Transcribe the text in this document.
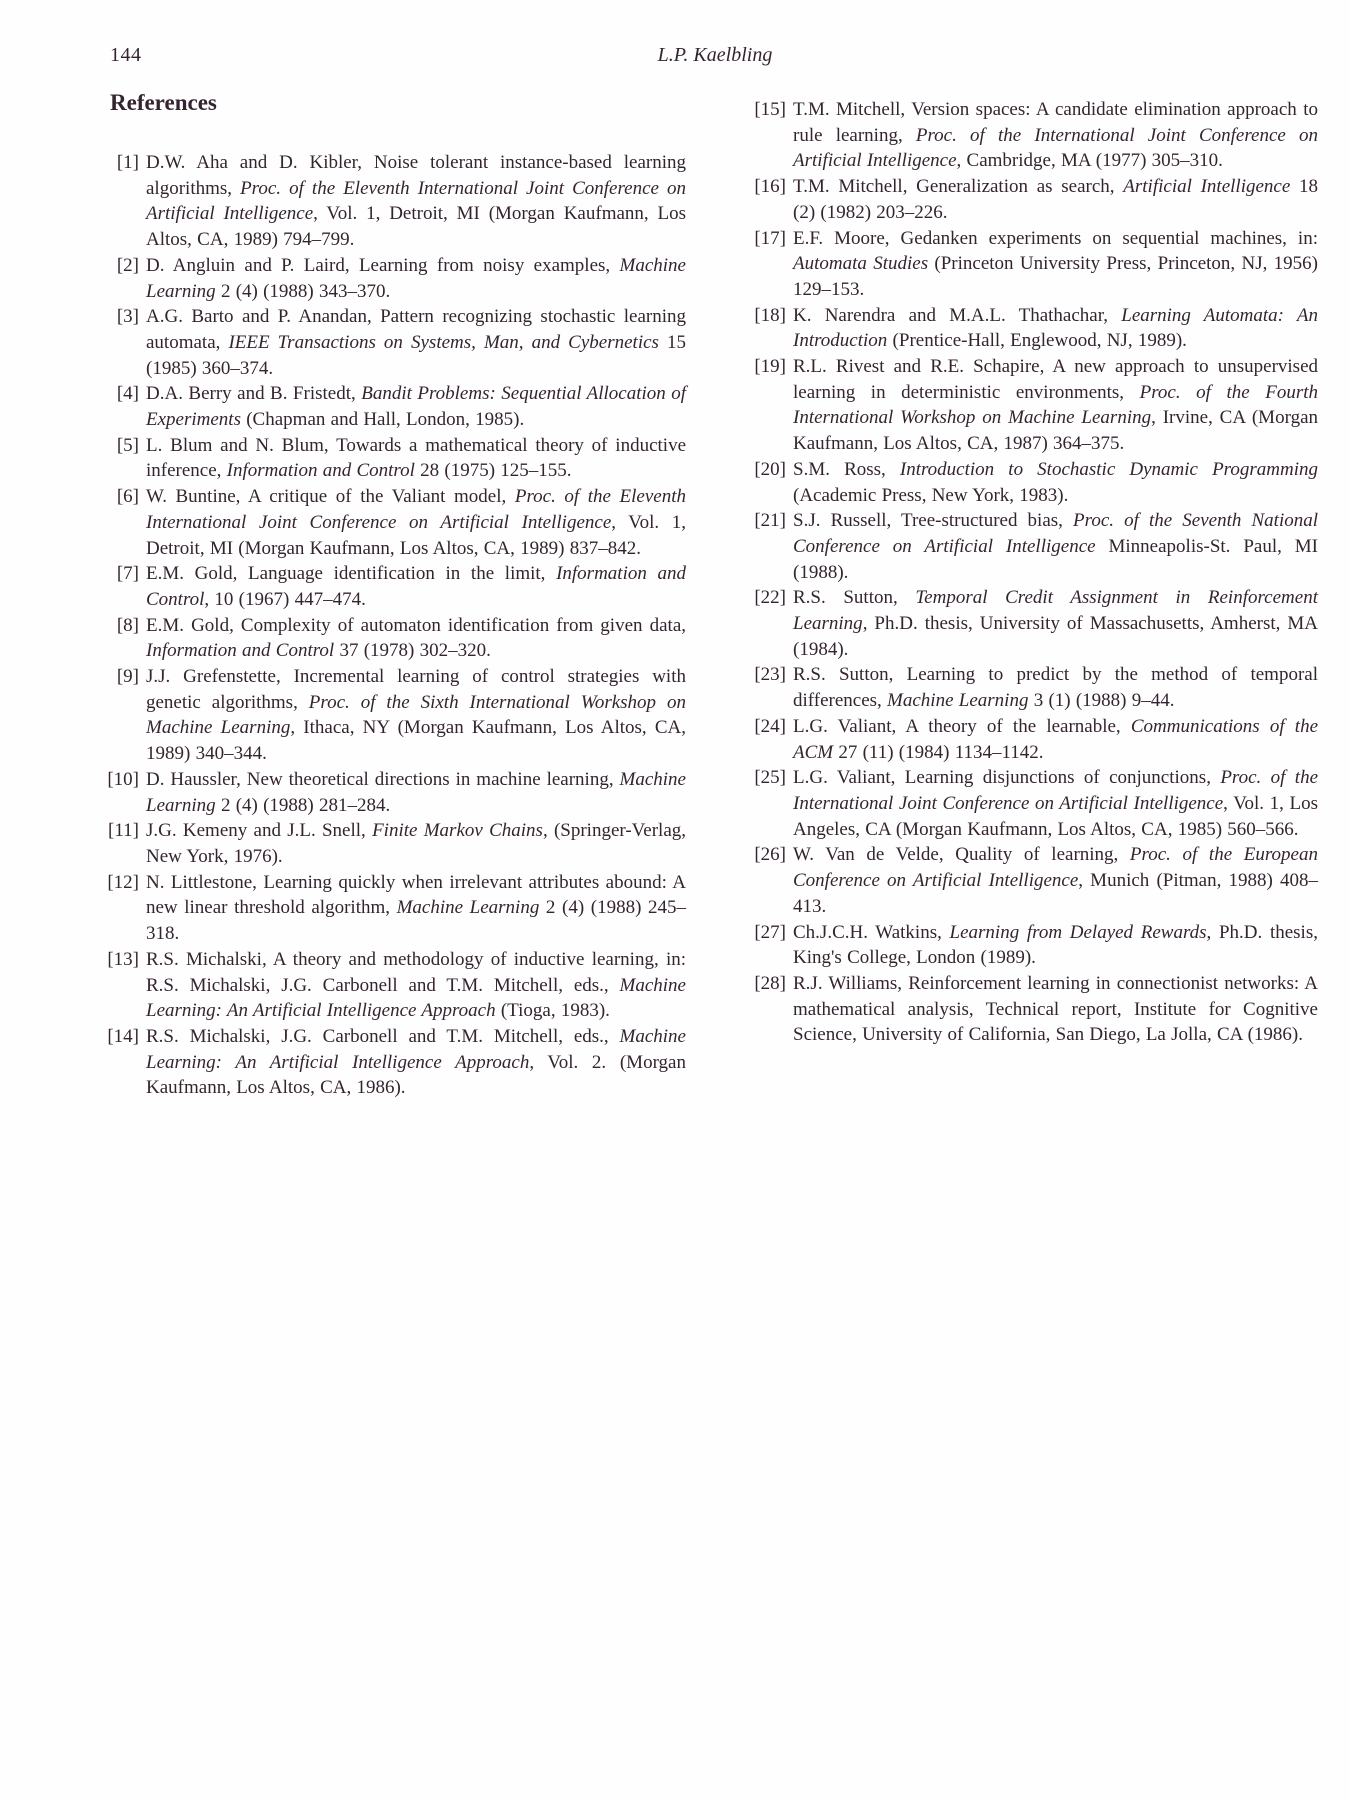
144	L.P. Kaelbling
References
[1] D.W. Aha and D. Kibler, Noise tolerant instance-based learning algorithms, Proc. of the Eleventh International Joint Conference on Artificial Intelligence, Vol. 1, Detroit, MI (Morgan Kaufmann, Los Altos, CA, 1989) 794–799.
[2] D. Angluin and P. Laird, Learning from noisy examples, Machine Learning 2 (4) (1988) 343–370.
[3] A.G. Barto and P. Anandan, Pattern recognizing stochastic learning automata, IEEE Transactions on Systems, Man, and Cybernetics 15 (1985) 360–374.
[4] D.A. Berry and B. Fristedt, Bandit Problems: Sequential Allocation of Experiments (Chapman and Hall, London, 1985).
[5] L. Blum and N. Blum, Towards a mathematical theory of inductive inference, Information and Control 28 (1975) 125–155.
[6] W. Buntine, A critique of the Valiant model, Proc. of the Eleventh International Joint Conference on Artificial Intelligence, Vol. 1, Detroit, MI (Morgan Kaufmann, Los Altos, CA, 1989) 837–842.
[7] E.M. Gold, Language identification in the limit, Information and Control, 10 (1967) 447–474.
[8] E.M. Gold, Complexity of automaton identification from given data, Information and Control 37 (1978) 302–320.
[9] J.J. Grefenstette, Incremental learning of control strategies with genetic algorithms, Proc. of the Sixth International Workshop on Machine Learning, Ithaca, NY (Morgan Kaufmann, Los Altos, CA, 1989) 340–344.
[10] D. Haussler, New theoretical directions in machine learning, Machine Learning 2 (4) (1988) 281–284.
[11] J.G. Kemeny and J.L. Snell, Finite Markov Chains, (Springer-Verlag, New York, 1976).
[12] N. Littlestone, Learning quickly when irrelevant attributes abound: A new linear threshold algorithm, Machine Learning 2 (4) (1988) 245–318.
[13] R.S. Michalski, A theory and methodology of inductive learning, in: R.S. Michalski, J.G. Carbonell and T.M. Mitchell, eds., Machine Learning: An Artificial Intelligence Approach (Tioga, 1983).
[14] R.S. Michalski, J.G. Carbonell and T.M. Mitchell, eds., Machine Learning: An Artificial Intelligence Approach, Vol. 2. (Morgan Kaufmann, Los Altos, CA, 1986).
[15] T.M. Mitchell, Version spaces: A candidate elimination approach to rule learning, Proc. of the International Joint Conference on Artificial Intelligence, Cambridge, MA (1977) 305–310.
[16] T.M. Mitchell, Generalization as search, Artificial Intelligence 18 (2) (1982) 203–226.
[17] E.F. Moore, Gedanken experiments on sequential machines, in: Automata Studies (Princeton University Press, Princeton, NJ, 1956) 129–153.
[18] K. Narendra and M.A.L. Thathachar, Learning Automata: An Introduction (Prentice-Hall, Englewood, NJ, 1989).
[19] R.L. Rivest and R.E. Schapire, A new approach to unsupervised learning in deterministic environments, Proc. of the Fourth International Workshop on Machine Learning, Irvine, CA (Morgan Kaufmann, Los Altos, CA, 1987) 364–375.
[20] S.M. Ross, Introduction to Stochastic Dynamic Programming (Academic Press, New York, 1983).
[21] S.J. Russell, Tree-structured bias, Proc. of the Seventh National Conference on Artificial Intelligence Minneapolis-St. Paul, MI (1988).
[22] R.S. Sutton, Temporal Credit Assignment in Reinforcement Learning, Ph.D. thesis, University of Massachusetts, Amherst, MA (1984).
[23] R.S. Sutton, Learning to predict by the method of temporal differences, Machine Learning 3 (1) (1988) 9–44.
[24] L.G. Valiant, A theory of the learnable, Communications of the ACM 27 (11) (1984) 1134–1142.
[25] L.G. Valiant, Learning disjunctions of conjunctions, Proc. of the International Joint Conference on Artificial Intelligence, Vol. 1, Los Angeles, CA (Morgan Kaufmann, Los Altos, CA, 1985) 560–566.
[26] W. Van de Velde, Quality of learning, Proc. of the European Conference on Artificial Intelligence, Munich (Pitman, 1988) 408–413.
[27] Ch.J.C.H. Watkins, Learning from Delayed Rewards, Ph.D. thesis, King's College, London (1989).
[28] R.J. Williams, Reinforcement learning in connectionist networks: A mathematical analysis, Technical report, Institute for Cognitive Science, University of California, San Diego, La Jolla, CA (1986).
